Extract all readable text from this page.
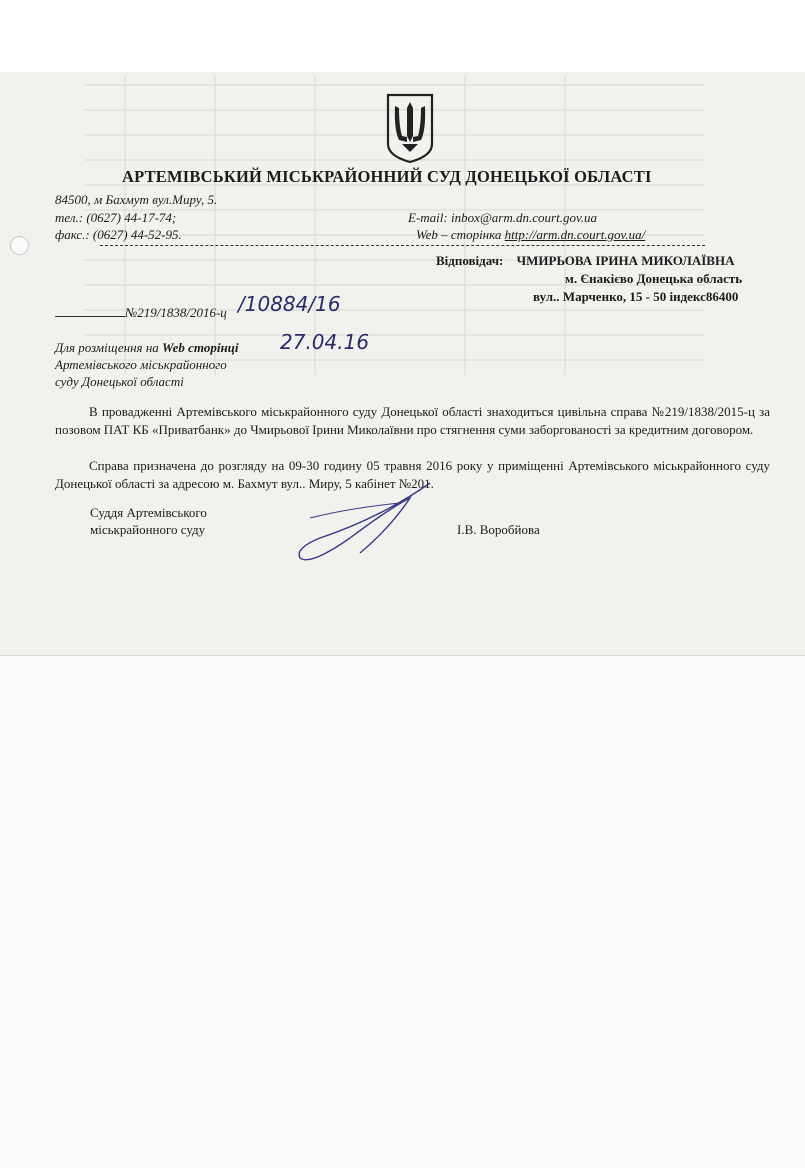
АРТЕМІВСЬКИЙ МІСЬКРАЙОННИЙ СУД ДОНЕЦЬКОЇ ОБЛАСТІ
84500, м Бахмут вул.Миру, 5.
тел.: (0627) 44-17-74;
факс.: (0627) 44-52-95.
E-mail: inbox@arm.dn.court.gov.ua
Web – сторінка http://arm.dn.court.gov.ua/
Відповідач: ЧМИРЬОВА ІРИНА МИКОЛАЇВНА
м. Єнакієво Донецька область
вул.. Марченко, 15 - 50 індекс86400
№219/1838/2016-ц /10884/16
27.04.16
Для розміщення на Web сторінці
Артемівського міськрайонного
суду Донецької області

В провадженні Артемівського міськрайонного суду Донецької області знаходиться цивільна справа №219/1838/2015-ц за позовом ПАТ КБ «Приватбанк» до Чмирьової Ірини Миколаївни про стягнення суми заборгованості за кредитним договором.

Справа призначена до розгляду на 09-30 годину 05 травня 2016 року у приміщенні Артемівського міськрайонного суду Донецької області за адресою м. Бахмут вул.. Миру, 5 кабінет №201.

Суддя Артемівського
міськрайонного суду	І.В. Воробйова
